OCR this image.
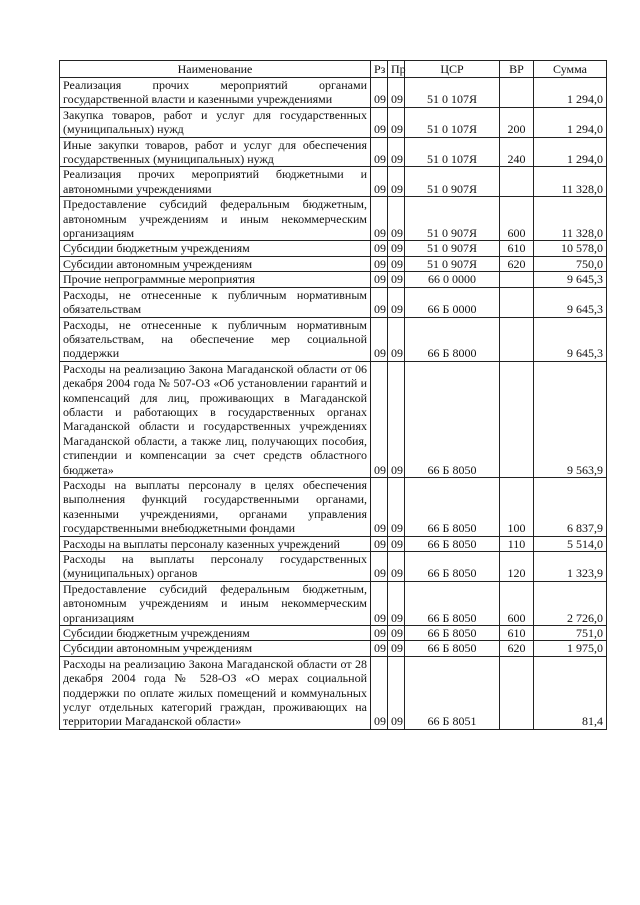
Наименование	Рз	Пр	ЦСР	ВР	Сумма
Реализация прочих мероприятий органами государственной власти и казенными учреждениями	09	09	51 0 107Я		1 294,0
Закупка товаров, работ и услуг для государственных (муниципальных) нужд	09	09	51 0 107Я	200	1 294,0
Иные закупки товаров, работ и услуг для обеспечения государственных (муниципальных) нужд	09	09	51 0 107Я	240	1 294,0
Реализация прочих мероприятий бюджетными и автономными учреждениями	09	09	51 0 907Я		11 328,0
Предоставление субсидий федеральным бюджетным, автономным учреждениям и иным некоммерческим организациям	09	09	51 0 907Я	600	11 328,0
Субсидии бюджетным учреждениям	09	09	51 0 907Я	610	10 578,0
Субсидии автономным учреждениям	09	09	51 0 907Я	620	750,0
Прочие непрограммные мероприятия	09	09	66 0 0000		9 645,3
Расходы, не отнесенные к публичным нормативным обязательствам	09	09	66 Б 0000		9 645,3
Расходы, не отнесенные к публичным нормативным обязательствам, на обеспечение мер социальной поддержки	09	09	66 Б 8000		9 645,3
Расходы на реализацию Закона Магаданской области от 06 декабря 2004 года № 507-ОЗ «Об установлении гарантий и компенсаций для лиц, проживающих в Магаданской области и работающих в государственных органах Магаданской области и государственных учреждениях Магаданской области, а также лиц, получающих пособия, стипендии и компенсации за счет средств областного бюджета»	09	09	66 Б 8050		9 563,9
Расходы на выплаты персоналу в целях обеспечения выполнения функций государственными органами, казенными учреждениями, органами управления государственными внебюджетными фондами	09	09	66 Б 8050	100	6 837,9
Расходы на выплаты персоналу казенных учреждений	09	09	66 Б 8050	110	5 514,0
Расходы на выплаты персоналу государственных (муниципальных) органов	09	09	66 Б 8050	120	1 323,9
Предоставление субсидий федеральным бюджетным, автономным учреждениям и иным некоммерческим организациям	09	09	66 Б 8050	600	2 726,0
Субсидии бюджетным учреждениям	09	09	66 Б 8050	610	751,0
Субсидии автономным учреждениям	09	09	66 Б 8050	620	1 975,0
Расходы на реализацию Закона Магаданской области от 28 декабря 2004 года № 528-ОЗ «О мерах социальной поддержки по оплате жилых помещений и коммунальных услуг отдельных категорий граждан, проживающих на территории Магаданской области»	09	09	66 Б 8051		81,4
